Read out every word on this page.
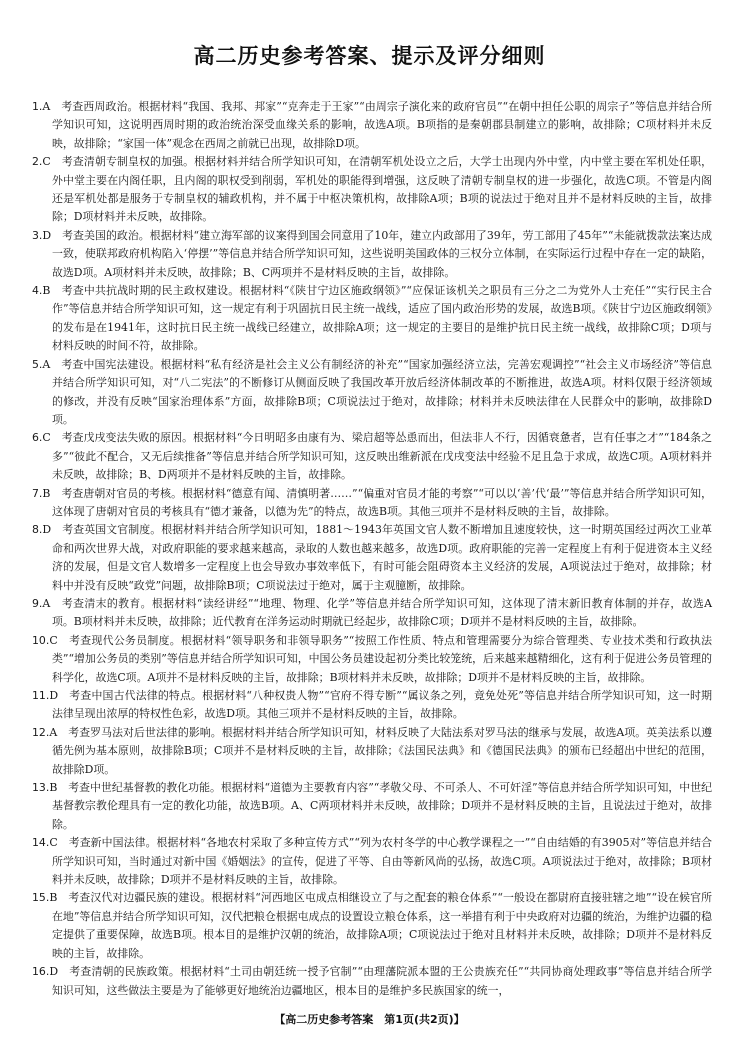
高二历史参考答案、提示及评分细则

1.A　考查西周政治。根据材料“我国、我邦、邦家”“克奔走于王家”“由周宗子演化来的政府官员”“在朝中担任公职的周宗子”等信息并结合所学知识可知，这说明西周时期的政治统治深受血缘关系的影响，故选A项。B项指的是秦朝郡县制建立的影响，故排除；C项材料并未反映，故排除；“家国一体”观念在西周之前就已出现，故排除D项。

2.C　考查清朝专制皇权的加强。根据材料并结合所学知识可知，在清朝军机处设立之后，大学士出现内外中堂，内中堂主要在军机处任职，外中堂主要在内阁任职，且内阁的职权受到削弱，军机处的职能得到增强，这反映了清朝专制皇权的进一步强化，故选C项。不管是内阁还是军机处都是服务于专制皇权的辅政机构，并不属于中枢决策机构，故排除A项；B项的说法过于绝对且并不是材料反映的主旨，故排除；D项材料并未反映，故排除。

3.D　考查美国的政治。根据材料“建立海军部的议案得到国会同意用了10年，建立内政部用了39年，劳工部用了45年”“未能就拨款法案达成一致，使联邦政府机构陷入‘停摆’”等信息并结合所学知识可知，这些说明美国政体的三权分立体制，在实际运行过程中存在一定的缺陷，故选D项。A项材料并未反映，故排除；B、C两项并不是材料反映的主旨，故排除。

4.B　考查中共抗战时期的民主政权建设。根据材料“《陕甘宁边区施政纲领》”“应保证该机关之职员有三分之二为党外人士充任”“实行民主合作”等信息并结合所学知识可知，这一规定有利于巩固抗日民主统一战线，适应了国内政治形势的发展，故选B项。《陕甘宁边区施政纲领》的发布是在1941年，这时抗日民主统一战线已经建立，故排除A项；这一规定的主要目的是维护抗日民主统一战线，故排除C项；D项与材料反映的时间不符，故排除。

5.A　考查中国宪法建设。根据材料“私有经济是社会主义公有制经济的补充”“国家加强经济立法，完善宏观调控”“社会主义市场经济”等信息并结合所学知识可知，对“八二宪法”的不断修订从侧面反映了我国改革开放后经济体制改革的不断推进，故选A项。材料仅限于经济领域的修改，并没有反映“国家治理体系”方面，故排除B项；C项说法过于绝对，故排除；材料并未反映法律在人民群众中的影响，故排除D项。

6.C　考查戊戌变法失败的原因。根据材料“今日明昭多由康有为、梁启超等怂恿而出，但法非人不行，因循衰惫者，岂有任事之才”“184条之多”“彼此不配合，又无后续推备”等信息并结合所学知识可知，这反映出维新派在戊戌变法中经验不足且急于求成，故选C项。A项材料并未反映，故排除；B、D两项并不是材料反映的主旨，故排除。

7.B　考查唐朝对官员的考核。根据材料“德意有闻、清慎明著……”“偏重对官员才能的考察”“可以以‘善’代‘最’”等信息并结合所学知识可知，这体现了唐朝对官员的考核具有“德才兼备，以德为先”的特点，故选B项。其他三项并不是材料反映的主旨，故排除。

8.D　考查英国文官制度。根据材料并结合所学知识可知，1881～1943年英国文官人数不断增加且速度较快，这一时期英国经过两次工业革命和两次世界大战，对政府职能的要求越来越高，录取的人数也越来越多，故选D项。政府职能的完善一定程度上有利于促进资本主义经济的发展，但是文官人数增多一定程度上也会导致办事效率低下，有时可能会阻碍资本主义经济的发展，A项说法过于绝对，故排除；材料中并没有反映“政党”问题，故排除B项；C项说法过于绝对，属于主观臆断，故排除。

9.A　考查清末的教育。根据材料“读经讲经”“地理、物理、化学”等信息并结合所学知识可知，这体现了清末新旧教育体制的并存，故选A项。B项材料并未反映，故排除；近代教育在洋务运动时期就已经起步，故排除C项；D项并不是材料反映的主旨，故排除。

10.C　考查现代公务员制度。根据材料“领导职务和非领导职务”“按照工作性质、特点和管理需要分为综合管理类、专业技术类和行政执法类”“增加公务员的类别”等信息并结合所学知识可知，中国公务员建设起初分类比较笼统，后来越来越精细化，这有利于促进公务员管理的科学化，故选C项。A项并不是材料反映的主旨，故排除；B项材料并未反映，故排除；D项并不是材料反映的主旨，故排除。

11.D　考查中国古代法律的特点。根据材料“八种权贵人物”“官府不得专断”“属议条之列，竟免处死”等信息并结合所学知识可知，这一时期法律呈现出浓厚的特权性色彩，故选D项。其他三项并不是材料反映的主旨，故排除。

12.A　考查罗马法对后世法律的影响。根据材料并结合所学知识可知，材料反映了大陆法系对罗马法的继承与发展，故选A项。英美法系以遵循先例为基本原则，故排除B项；C项并不是材料反映的主旨，故排除；《法国民法典》和《德国民法典》的颁布已经超出中世纪的范围，故排除D项。

13.B　考查中世纪基督教的教化功能。根据材料“道德为主要教育内容”“孝敬父母、不可杀人、不可奸淫”等信息并结合所学知识可知，中世纪基督教宗教伦理具有一定的教化功能，故选B项。A、C两项材料并未反映，故排除；D项并不是材料反映的主旨，且说法过于绝对，故排除。

14.C　考查新中国法律。根据材料“各地农村采取了多种宣传方式”“列为农村冬学的中心教学课程之一”“自由结婚的有3905对”等信息并结合所学知识可知，当时通过对新中国《婚姻法》的宣传，促进了平等、自由等新风尚的弘扬，故选C项。A项说法过于绝对，故排除；B项材料并未反映，故排除；D项并不是材料反映的主旨，故排除。

15.B　考查汉代对边疆民族的建设。根据材料“河西地区屯成点相继设立了与之配套的粮仓体系”“一般设在都尉府直接驻辖之地”“设在候官所在地”等信息并结合所学知识可知，汉代把粮仓根据屯成点的设置设立粮仓体系，这一举措有利于中央政府对边疆的统治，为维护边疆的稳定提供了重要保障，故选B项。根本目的是维护汉朝的统治，故排除A项；C项说法过于绝对且材料并未反映，故排除；D项并不是材料反映的主旨，故排除。

16.D　考查清朝的民族政策。根据材料“土司由朝廷统一授予官制”“由理藩院派本盟的王公贵族充任”“共同协商处理政事”等信息并结合所学知识可知，这些做法主要是为了能够更好地统治边疆地区，根本目的是维护多民族国家的统一，

【高二历史参考答案　第1页(共2页)】
